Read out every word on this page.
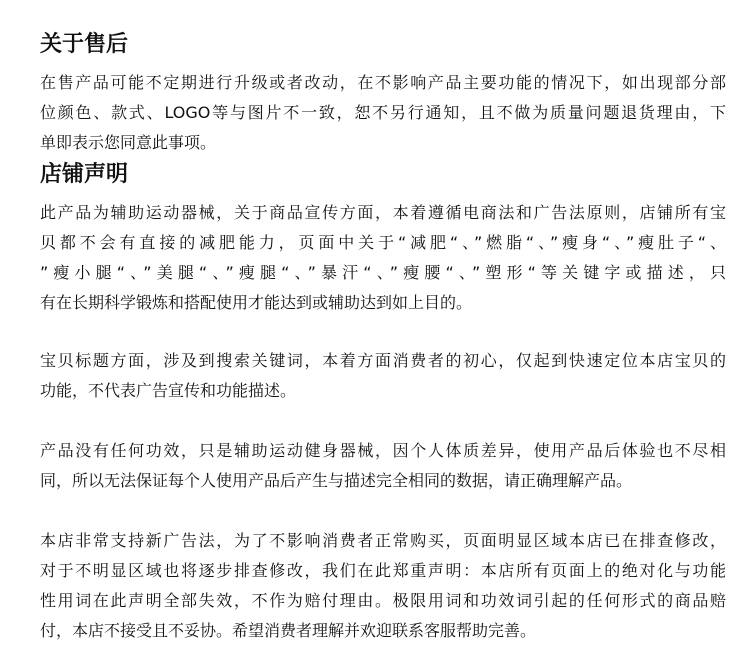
关于售后
在售产品可能不定期进行升级或者改动，在不影响产品主要功能的情况下，如出现部分部
位颜色、款式、LOGO等与图片不一致，恕不另行通知，且不做为质量问题退货理由，下
单即表示您同意此事项。
店铺声明
此产品为辅助运动器械，关于商品宣传方面，本着遵循电商法和广告法原则，店铺所有宝
贝都不会有直接的减肥能力，页面中关于“减肥“、”燃脂“、”瘦身“、”瘦肚子“、
”瘦小腿“、”美腿“、”瘦腿“、”暴汗“、”瘦腰“、”塑形“等关键字或描述，只
有在长期科学锻炼和搭配使用才能达到或辅助达到如上目的。
宝贝标题方面，涉及到搜索关键词，本着方面消费者的初心，仅起到快速定位本店宝贝的
功能，不代表广告宣传和功能描述。
产品没有任何功效，只是辅助运动健身器械，因个人体质差异，使用产品后体验也不尽相
同，所以无法保证每个人使用产品后产生与描述完全相同的数据，请正确理解产品。
本店非常支持新广告法，为了不影响消费者正常购买，页面明显区域本店已在排查修改，
对于不明显区域也将逐步排查修改，我们在此郑重声明：本店所有页面上的绝对化与功能
性用词在此声明全部失效，不作为赔付理由。极限用词和功效词引起的任何形式的商品赔
付，本店不接受且不妥协。希望消费者理解并欢迎联系客服帮助完善。
